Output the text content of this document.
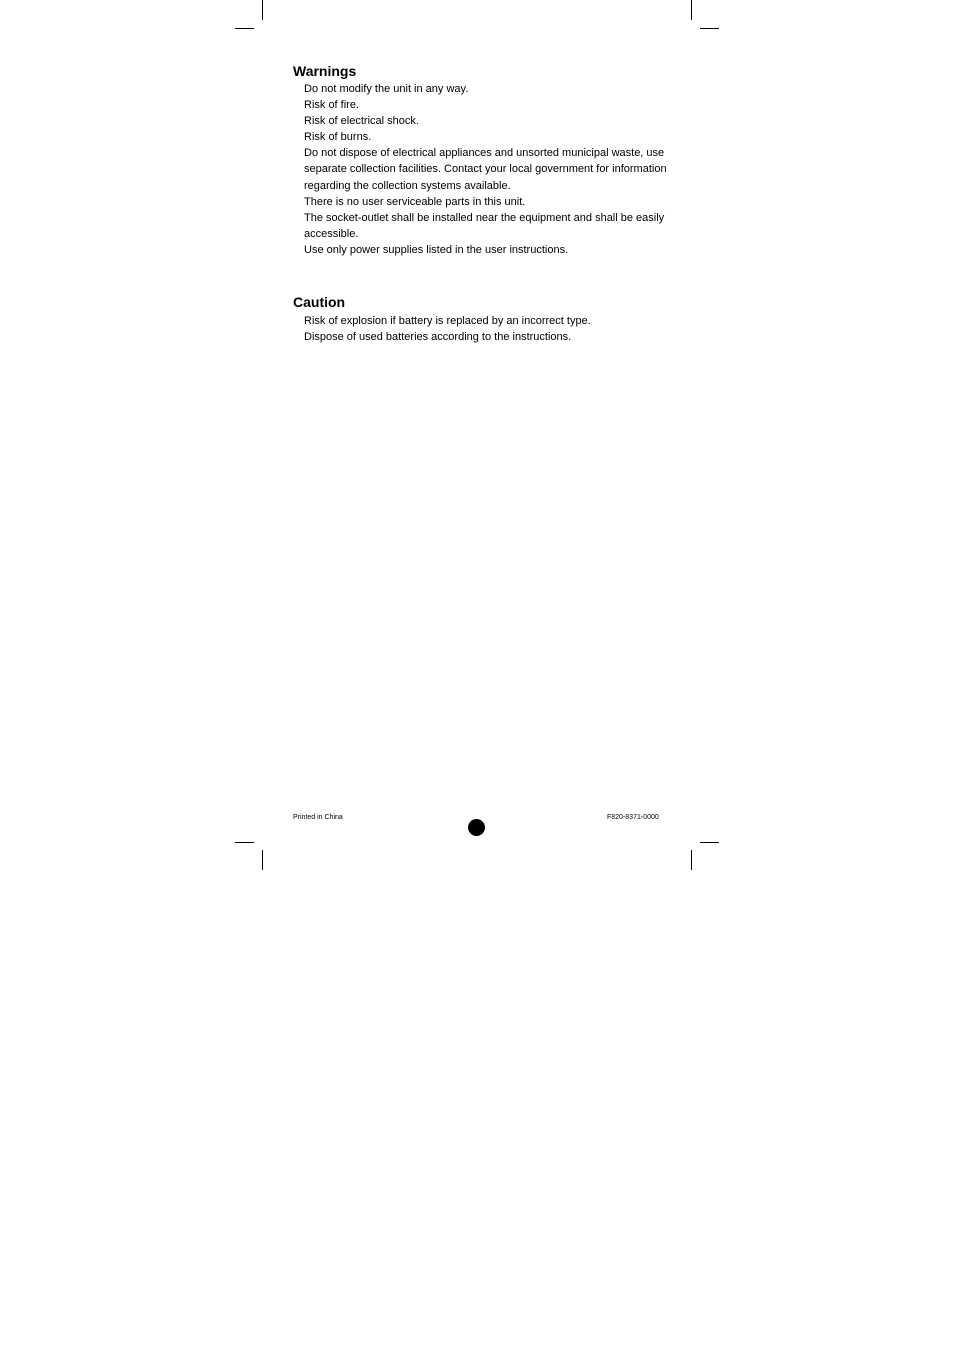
Warnings
Do not modify the unit in any way.
Risk of fire.
Risk of electrical shock.
Risk of burns.
Do not dispose of electrical appliances and unsorted municipal waste, use separate collection facilities. Contact your local government for information regarding the collection systems available.
There is no user serviceable parts in this unit.
The socket-outlet shall be installed near the equipment and shall be easily accessible.
Use only power supplies listed in the user instructions.
Caution
Risk of explosion if battery is replaced by an incorrect type.
Dispose of used batteries according to the instructions.
Printed in China	F820-8371-0000
